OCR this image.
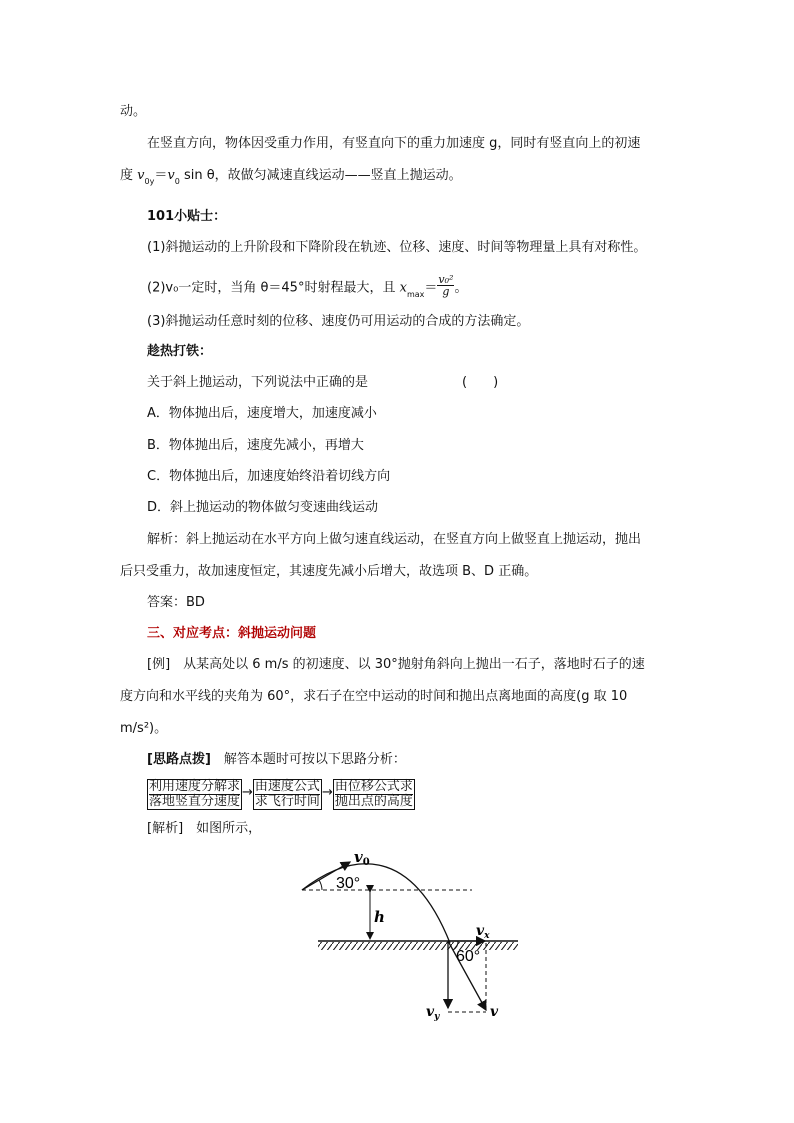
动。
在竖直方向，物体因受重力作用，有竖直向下的重力加速度 g，同时有竖直向上的初速
度 $v_{0y}=v_0$ sin θ，故做匀减速直线运动——竖直上抛运动。
101小贴士：
(1)斜抛运动的上升阶段和下降阶段在轨迹、位移、速度、时间等物理量上具有对称性。
(2)v₀一定时，当角 θ＝45°时射程最大，且 $x_{max}= \frac{\text{v₀²}}{g}$ 。
(3)斜抛运动任意时刻的位移、速度仍可用运动的合成的方法确定。
趁热打铁：
关于斜上抛运动，下列说法中正确的是	(　　)
A．物体抛出后，速度增大，加速度减小
B．物体抛出后，速度先减小，再增大
C．物体抛出后，加速度始终沿着切线方向
D．斜上抛运动的物体做匀变速曲线运动
解析：斜上抛运动在水平方向上做匀速直线运动，在竖直方向上做竖直上抛运动，抛出
后只受重力，故加速度恒定，其速度先减小后增大，故选项 B、D 正确。
答案：BD
三、对应考点：斜抛运动问题
[例]　从某高处以 6 m/s 的初速度、以 30°抛射角斜向上抛出一石子，落地时石子的速
度方向和水平线的夹角为 60°，求石子在空中运动的时间和抛出点离地面的高度(g 取 10
m/s²)。
[思路点拨]　解答本题时可按以下思路分析：
利用速度分解求
落地竖直分速度
→ 由速度公式
求飞行时间
→ 由位移公式求
抛出点的高度
[解析]　如图所示，
$v_0$
30°
h
$v_x$
60°
$v_y$	v
